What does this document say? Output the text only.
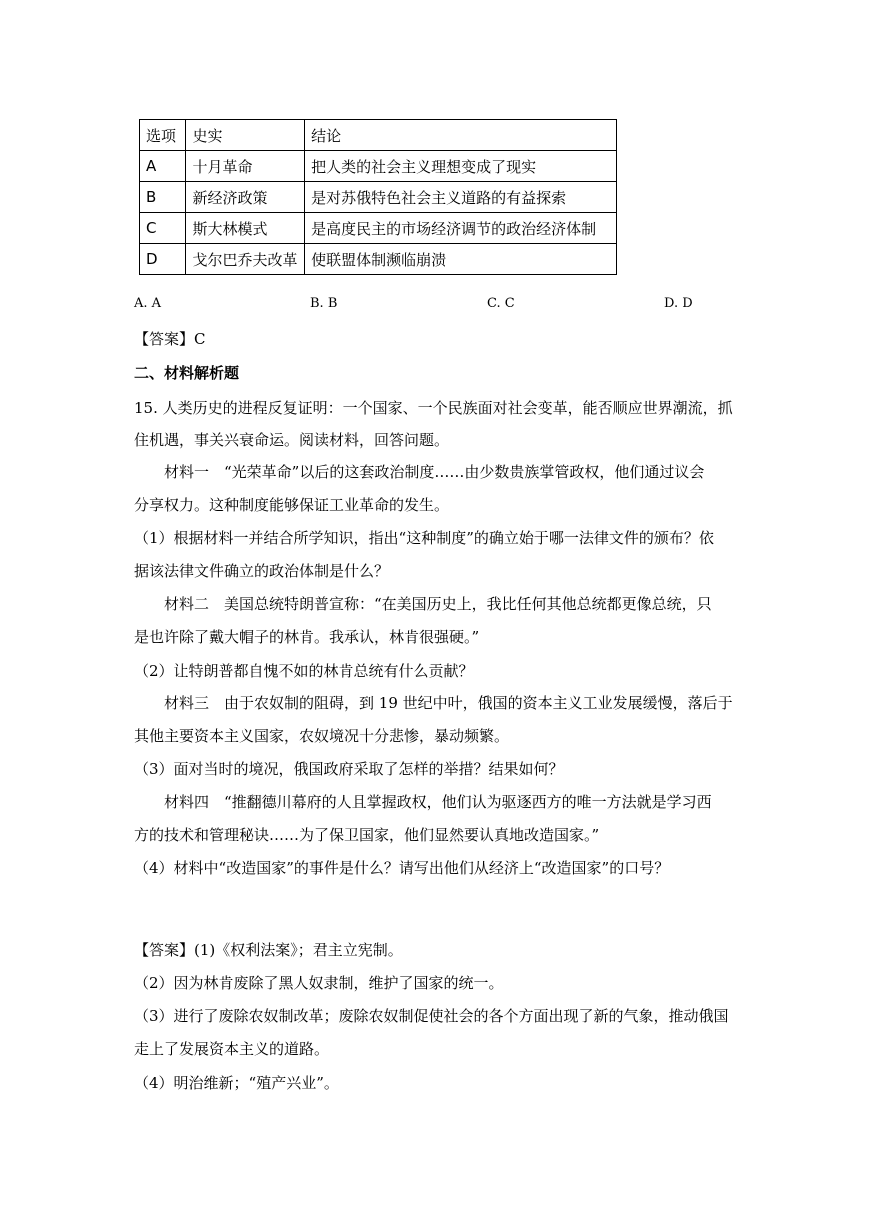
选项	史实	结论
A	十月革命	把人类的社会主义理想变成了现实
B	新经济政策	是对苏俄特色社会主义道路的有益探索
C	斯大林模式	是高度民主的市场经济调节的政治经济体制
D	戈尔巴乔夫改革	使联盟体制濒临崩溃
A. A	B. B	C. C	D. D
【答案】C
二、材料解析题
15. 人类历史的进程反复证明：一个国家、一个民族面对社会变革，能否顺应世界潮流，抓
住机遇，事关兴衰命运。阅读材料，回答问题。
材料一　“光荣革命”以后的这套政治制度……由少数贵族掌管政权，他们通过议会
分享权力。这种制度能够保证工业革命的发生。
（1）根据材料一并结合所学知识，指出“这种制度”的确立始于哪一法律文件的颁布？依
据该法律文件确立的政治体制是什么？
材料二　美国总统特朗普宣称：“在美国历史上，我比任何其他总统都更像总统，只
是也许除了戴大帽子的林肯。我承认，林肯很强硬。”
（2）让特朗普都自愧不如的林肯总统有什么贡献？
材料三　由于农奴制的阻碍，到 19 世纪中叶，俄国的资本主义工业发展缓慢，落后于
其他主要资本主义国家，农奴境况十分悲惨，暴动频繁。
（3）面对当时的境况，俄国政府采取了怎样的举措？结果如何？
材料四　“推翻德川幕府的人且掌握政权，他们认为驱逐西方的唯一方法就是学习西
方的技术和管理秘诀……为了保卫国家，他们显然要认真地改造国家。”
（4）材料中“改造国家”的事件是什么？请写出他们从经济上“改造国家”的口号？
【答案】(1)《权利法案》；君主立宪制。
（2）因为林肯废除了黑人奴隶制，维护了国家的统一。
（3）进行了废除农奴制改革；废除农奴制促使社会的各个方面出现了新的气象，推动俄国
走上了发展资本主义的道路。
（4）明治维新；“殖产兴业”。
